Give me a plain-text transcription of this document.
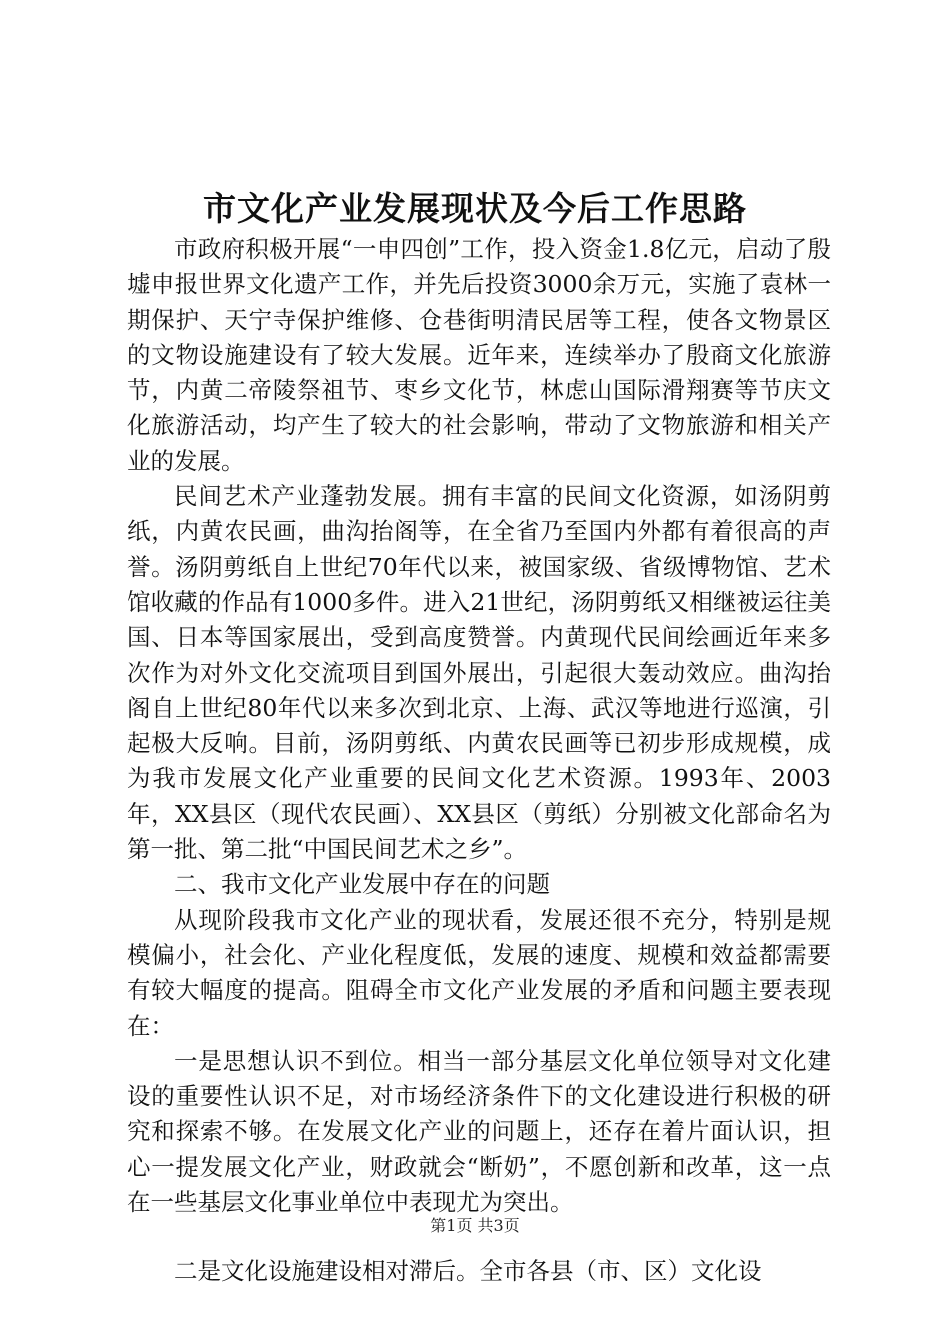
市文化产业发展现状及今后工作思路

市政府积极开展“一申四创”工作，投入资金1.8亿元，启动了殷墟申报世界文化遗产工作，并先后投资3000余万元，实施了袁林一期保护、天宁寺保护维修、仓巷街明清民居等工程，使各文物景区的文物设施建设有了较大发展。近年来，连续举办了殷商文化旅游节，内黄二帝陵祭祖节、枣乡文化节，林虑山国际滑翔赛等节庆文化旅游活动，均产生了较大的社会影响，带动了文物旅游和相关产业的发展。

民间艺术产业蓬勃发展。拥有丰富的民间文化资源，如汤阴剪纸，内黄农民画，曲沟抬阁等，在全省乃至国内外都有着很高的声誉。汤阴剪纸自上世纪70年代以来，被国家级、省级博物馆、艺术馆收藏的作品有1000多件。进入21世纪，汤阴剪纸又相继被运往美国、日本等国家展出，受到高度赞誉。内黄现代民间绘画近年来多次作为对外文化交流项目到国外展出，引起很大轰动效应。曲沟抬阁自上世纪80年代以来多次到北京、上海、武汉等地进行巡演，引起极大反响。目前，汤阴剪纸、内黄农民画等已初步形成规模，成为我市发展文化产业重要的民间文化艺术资源。1993年、2003年，XX县区（现代农民画）、XX县区（剪纸）分别被文化部命名为第一批、第二批“中国民间艺术之乡”。

二、我市文化产业发展中存在的问题

从现阶段我市文化产业的现状看，发展还很不充分，特别是规模偏小，社会化、产业化程度低，发展的速度、规模和效益都需要有较大幅度的提高。阻碍全市文化产业发展的矛盾和问题主要表现在：

一是思想认识不到位。相当一部分基层文化单位领导对文化建设的重要性认识不足，对市场经济条件下的文化建设进行积极的研究和探索不够。在发展文化产业的问题上，还存在着片面认识，担心一提发展文化产业，财政就会“断奶”，不愿创新和改革，这一点在一些基层文化事业单位中表现尤为突出。

二是文化设施建设相对滞后。全市各县（市、区）文化设

第1页 共3页
